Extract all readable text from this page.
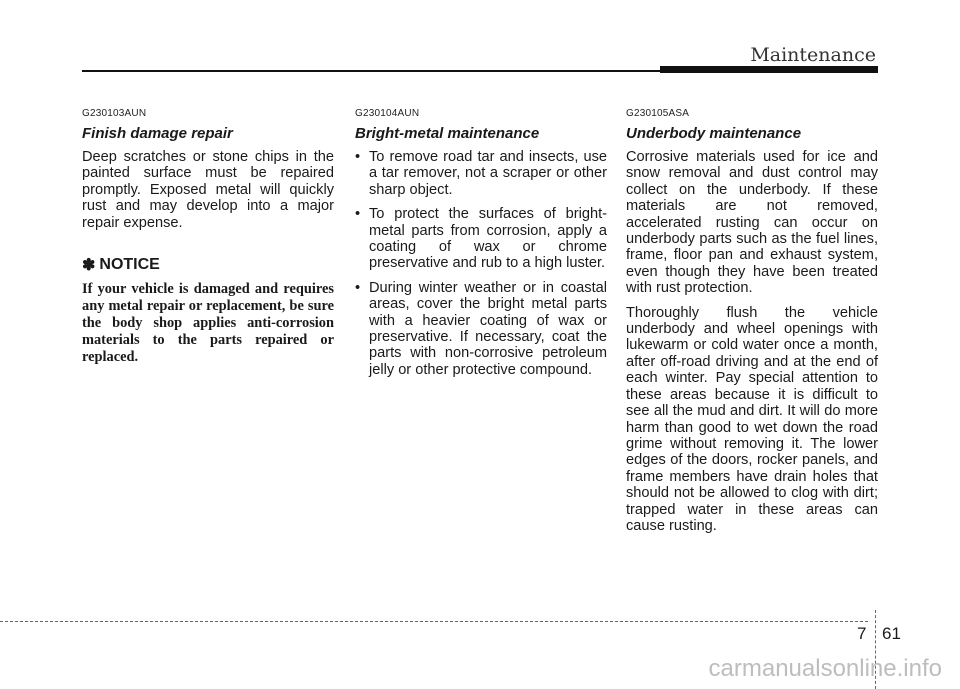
Maintenance
G230103AUN
Finish damage repair

Deep scratches or stone chips in the painted surface must be repaired promptly. Exposed metal will quickly rust and may develop into a major repair expense.

✽ NOTICE

If your vehicle is damaged and requires any metal repair or replacement, be sure the body shop applies anti-corrosion materials to the parts repaired or replaced.

G230104AUN
Bright-metal maintenance
• To remove road tar and insects, use a tar remover, not a scraper or other sharp object.
• To protect the surfaces of bright-metal parts from corrosion, apply a coating of wax or chrome preservative and rub to a high luster.
• During winter weather or in coastal areas, cover the bright metal parts with a heavier coating of wax or preservative. If necessary, coat the parts with non-corrosive petroleum jelly or other protective compound.
G230105ASA
Underbody maintenance

Corrosive materials used for ice and snow removal and dust control may collect on the underbody. If these materials are not removed, accelerated rusting can occur on underbody parts such as the fuel lines, frame, floor pan and exhaust system, even though they have been treated with rust protection.

Thoroughly flush the vehicle underbody and wheel openings with lukewarm or cold water once a month, after off-road driving and at the end of each winter. Pay special attention to these areas because it is difficult to see all the mud and dirt. It will do more harm than good to wet down the road grime without removing it. The lower edges of the doors, rocker panels, and frame members have drain holes that should not be allowed to clog with dirt; trapped water in these areas can cause rusting.

7 61
carmanualsonline.info
